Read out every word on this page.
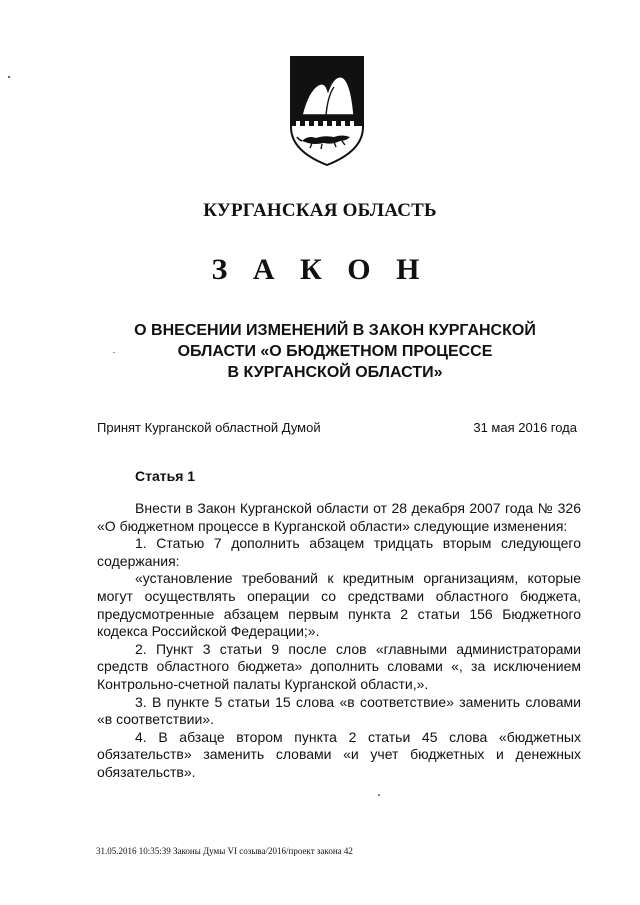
КУРГАНСКАЯ ОБЛАСТЬ
З А К О Н
О ВНЕСЕНИИ ИЗМЕНЕНИЙ В ЗАКОН КУРГАНСКОЙ
ОБЛАСТИ «О БЮДЖЕТНОМ ПРОЦЕССЕ
В КУРГАНСКОЙ ОБЛАСТИ»
Принят Курганской областной Думой	31 мая 2016 года
Статья 1

Внести в Закон Курганской области от 28 декабря 2007 года № 326 «О бюджетном процессе в Курганской области» следующие изменения:

1. Статью 7 дополнить абзацем тридцать вторым следующего содержания:

«установление требований к кредитным организациям, которые могут осуществлять операции со средствами областного бюджета, предусмотренные абзацем первым пункта 2 статьи 156 Бюджетного кодекса Российской Федерации;».

2. Пункт 3 статьи 9 после слов «главными администраторами средств областного бюджета» дополнить словами «, за исключением Контрольно-счетной палаты Курганской области,».

3. В пункте 5 статьи 15 слова «в соответствие» заменить словами «в соответствии».

4. В абзаце втором пункта 2 статьи 45 слова «бюджетных обязательств» заменить словами «и учет бюджетных и денежных обязательств».

31.05.2016 10:35:39 Законы Думы VI созыва/2016/проект закона 42
